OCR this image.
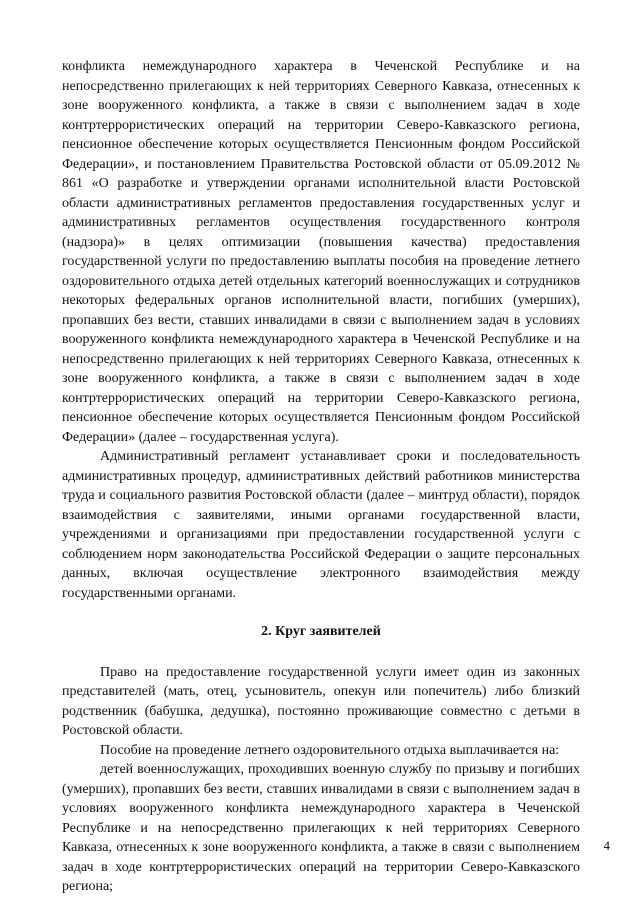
конфликта немеждународного характера в Чеченской Республике и на непосредственно прилегающих к ней территориях Северного Кавказа, отнесенных к зоне вооруженного конфликта, а также в связи с выполнением задач в ходе контртеррористических операций на территории Северо-Кавказского региона, пенсионное обеспечение которых осуществляется Пенсионным фондом Российской Федерации», и постановлением Правительства Ростовской области от 05.09.2012 № 861 «О разработке и утверждении органами исполнительной власти Ростовской области административных регламентов предоставления государственных услуг и административных регламентов осуществления государственного контроля (надзора)» в целях оптимизации (повышения качества) предоставления государственной услуги по предоставлению выплаты пособия на проведение летнего оздоровительного отдыха детей отдельных категорий военнослужащих и сотрудников некоторых федеральных органов исполнительной власти, погибших (умерших), пропавших без вести, ставших инвалидами в связи с выполнением задач в условиях вооруженного конфликта немеждународного характера в Чеченской Республике и на непосредственно прилегающих к ней территориях Северного Кавказа, отнесенных к зоне вооруженного конфликта, а также в связи с выполнением задач в ходе контртеррористических операций на территории Северо-Кавказского региона, пенсионное обеспечение которых осуществляется Пенсионным фондом Российской Федерации» (далее – государственная услуга).

Административный регламент устанавливает сроки и последовательность административных процедур, административных действий работников министерства труда и социального развития Ростовской области (далее – минтруд области), порядок взаимодействия с заявителями, иными органами государственной власти, учреждениями и организациями при предоставлении государственной услуги с соблюдением норм законодательства Российской Федерации о защите персональных данных, включая осуществление электронного взаимодействия между государственными органами.

2. Круг заявителей

Право на предоставление государственной услуги имеет один из законных представителей (мать, отец, усыновитель, опекун или попечитель) либо близкий родственник (бабушка, дедушка), постоянно проживающие совместно с детьми в Ростовской области.

Пособие на проведение летнего оздоровительного отдыха выплачивается на:

детей военнослужащих, проходивших военную службу по призыву и погибших (умерших), пропавших без вести, ставших инвалидами в связи с выполнением задач в условиях вооруженного конфликта немеждународного характера в Чеченской Республике и на непосредственно прилегающих к ней территориях Северного Кавказа, отнесенных к зоне вооруженного конфликта, а также в связи с выполнением задач в ходе контртеррористических операций на территории Северо-Кавказского региона;

4
